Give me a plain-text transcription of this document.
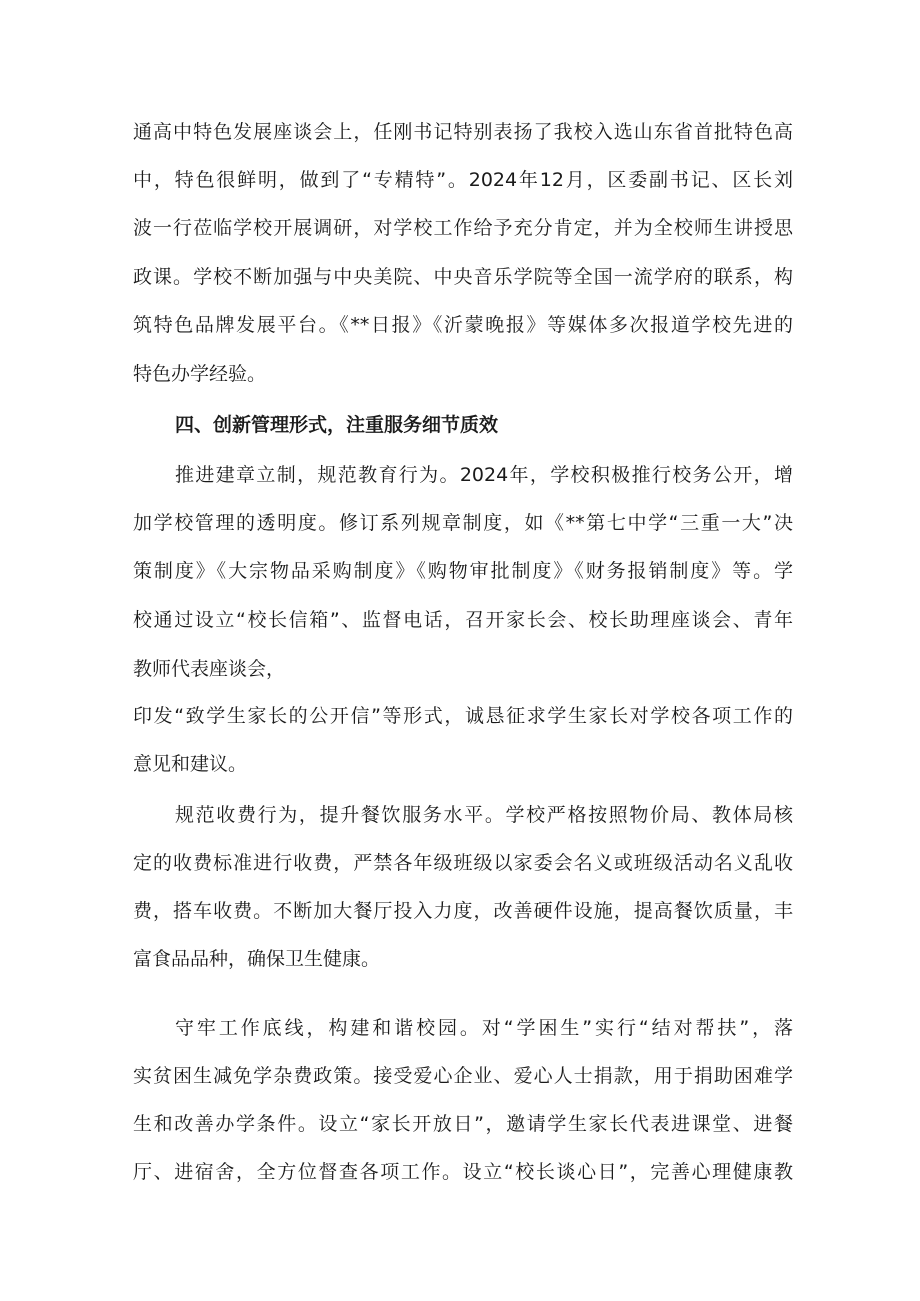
通高中特色发展座谈会上，任刚书记特别表扬了我校入选山东省首批特色高
中，特色很鲜明，做到了“专精特”。2024年12月，区委副书记、区长刘
波一行莅临学校开展调研，对学校工作给予充分肯定，并为全校师生讲授思
政课。学校不断加强与中央美院、中央音乐学院等全国一流学府的联系，构
筑特色品牌发展平台。《**日报》《沂蒙晚报》等媒体多次报道学校先进的
特色办学经验。
四、创新管理形式，注重服务细节质效
推进建章立制，规范教育行为。2024年，学校积极推行校务公开，增
加学校管理的透明度。修订系列规章制度，如《**第七中学“三重一大”决
策制度》《大宗物品采购制度》《购物审批制度》《财务报销制度》等。学
校通过设立“校长信箱”、监督电话，召开家长会、校长助理座谈会、青年
教师代表座谈会，
印发“致学生家长的公开信”等形式，诚恳征求学生家长对学校各项工作的
意见和建议。
规范收费行为，提升餐饮服务水平。学校严格按照物价局、教体局核
定的收费标准进行收费，严禁各年级班级以家委会名义或班级活动名义乱收
费，搭车收费。不断加大餐厅投入力度，改善硬件设施，提高餐饮质量，丰
富食品品种，确保卫生健康。
守牢工作底线，构建和谐校园。对“学困生”实行“结对帮扶”，落
实贫困生减免学杂费政策。接受爱心企业、爱心人士捐款，用于捐助困难学
生和改善办学条件。设立“家长开放日”，邀请学生家长代表进课堂、进餐
厅、进宿舍，全方位督查各项工作。设立“校长谈心日”，完善心理健康教
